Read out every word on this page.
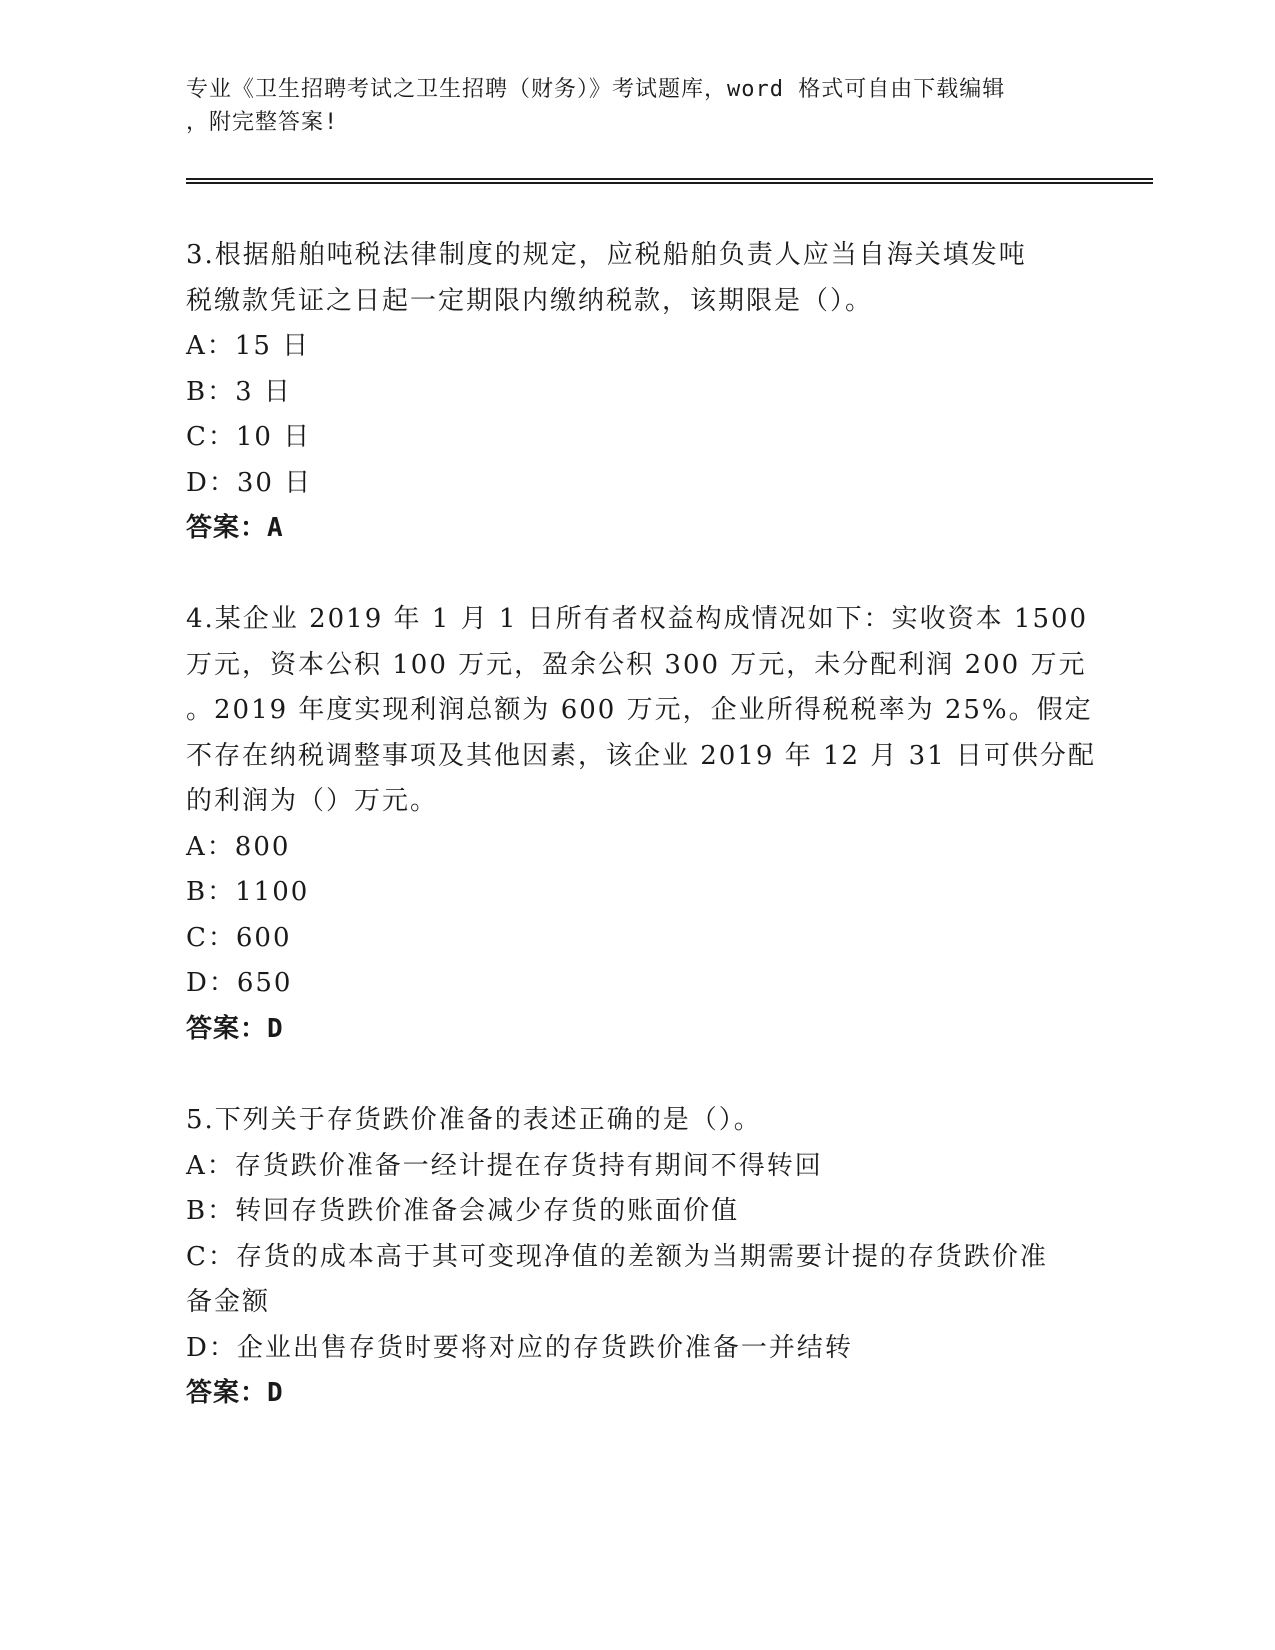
专业《卫生招聘考试之卫生招聘（财务）》考试题库，word 格式可自由下载编辑
，附完整答案!
3.根据船舶吨税法律制度的规定，应税船舶负责人应当自海关填发吨
税缴款凭证之日起一定期限内缴纳税款，该期限是（）。
A：15 日
B：3 日
C：10 日
D：30 日
答案：A
4.某企业 2019 年 1 月 1 日所有者权益构成情况如下：实收资本 1500
万元，资本公积 100 万元，盈余公积 300 万元，未分配利润 200 万元
。2019 年度实现利润总额为 600 万元，企业所得税税率为 25%。假定
不存在纳税调整事项及其他因素，该企业 2019 年 12 月 31 日可供分配
的利润为（）万元。
A：800
B：1100
C：600
D：650
答案：D
5.下列关于存货跌价准备的表述正确的是（）。
A：存货跌价准备一经计提在存货持有期间不得转回
B：转回存货跌价准备会减少存货的账面价值
C：存货的成本高于其可变现净值的差额为当期需要计提的存货跌价准
备金额
D：企业出售存货时要将对应的存货跌价准备一并结转
答案：D
